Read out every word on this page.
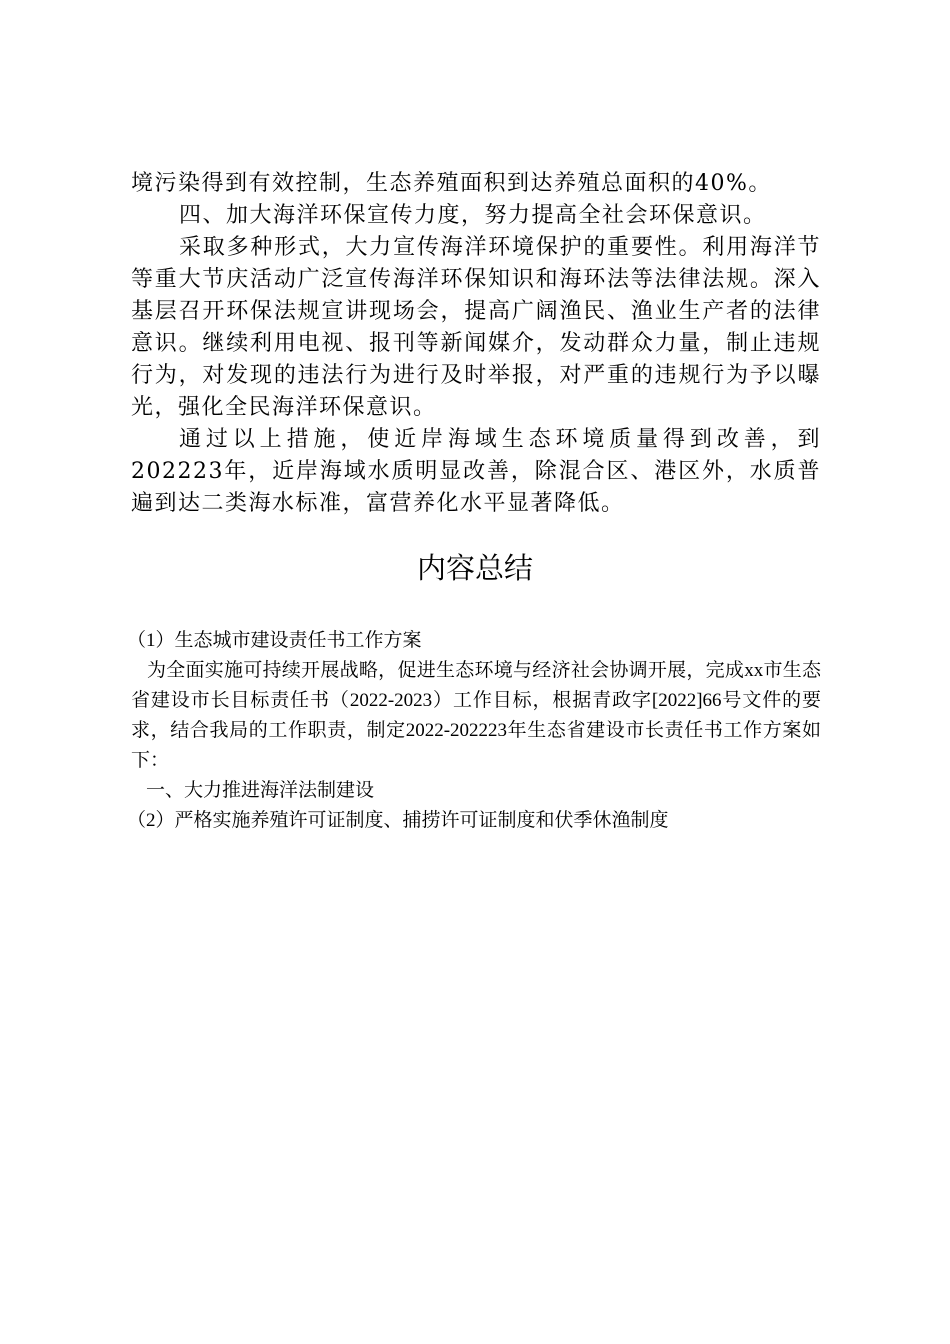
境污染得到有效控制，生态养殖面积到达养殖总面积的40%。

四、加大海洋环保宣传力度，努力提高全社会环保意识。

采取多种形式，大力宣传海洋环境保护的重要性。利用海洋节等重大节庆活动广泛宣传海洋环保知识和海环法等法律法规。深入基层召开环保法规宣讲现场会，提高广阔渔民、渔业生产者的法律意识。继续利用电视、报刊等新闻媒介，发动群众力量，制止违规行为，对发现的违法行为进行及时举报，对严重的违规行为予以曝光，强化全民海洋环保意识。

通过以上措施，使近岸海域生态环境质量得到改善，到202223年，近岸海域水质明显改善，除混合区、港区外，水质普遍到达二类海水标准，富营养化水平显著降低。

内容总结

（1）生态城市建设责任书工作方案

为全面实施可持续开展战略，促进生态环境与经济社会协调开展，完成xx市生态省建设市长目标责任书（2022-2023）工作目标，根据青政字[2022]66号文件的要求，结合我局的工作职责，制定2022-202223年生态省建设市长责任书工作方案如下：

一、大力推进海洋法制建设

（2）严格实施养殖许可证制度、捕捞许可证制度和伏季休渔制度
